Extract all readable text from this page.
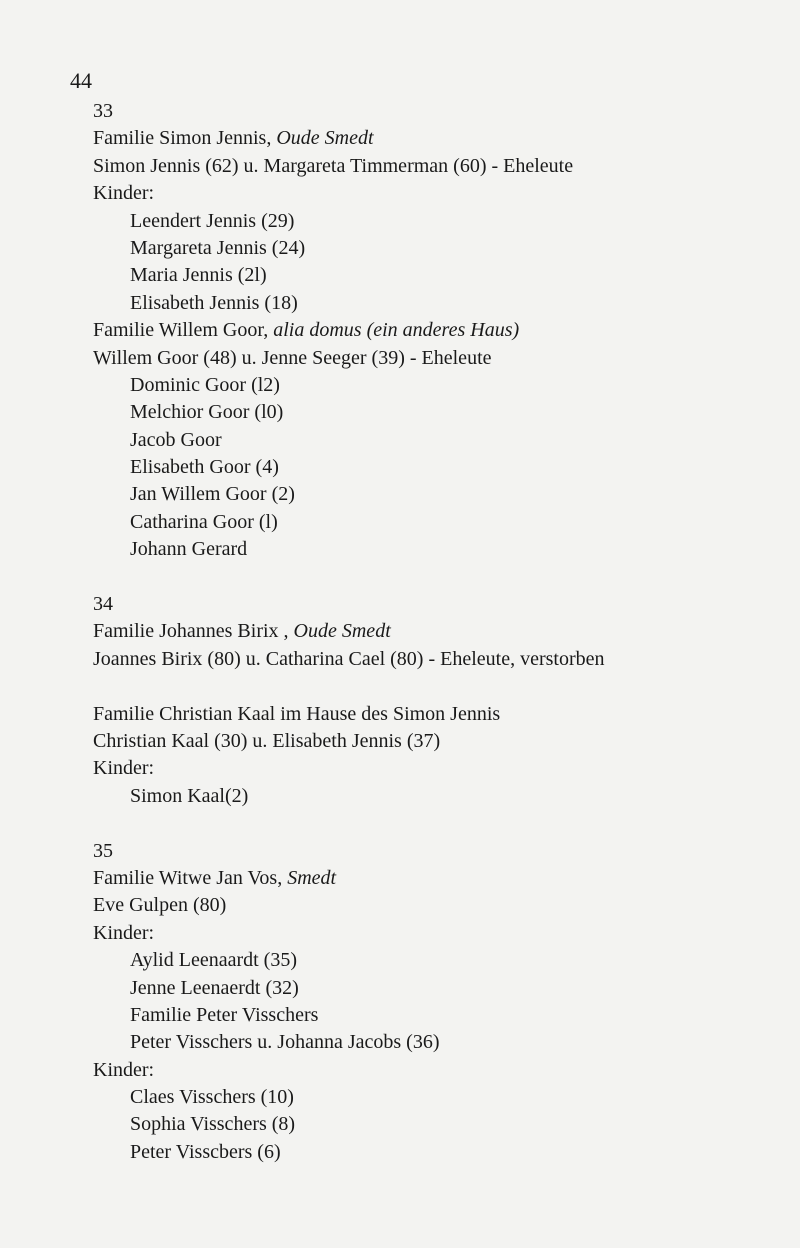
44
33
Familie Simon Jennis, Oude Smedt
Simon Jennis (62) u. Margareta Timmerman (60) - Eheleute
Kinder:
Leendert Jennis (29)
Margareta Jennis (24)
Maria Jennis (2l)
Elisabeth Jennis (18)
Familie Willem Goor, alia domus (ein anderes Haus)
Willem Goor (48) u. Jenne Seeger (39) - Eheleute
Dominic Goor (l2)
Melchior Goor (l0)
Jacob Goor
Elisabeth Goor (4)
Jan Willem Goor (2)
Catharina Goor (l)
Johann Gerard
34
Familie Johannes Birix , Oude Smedt
Joannes Birix (80) u. Catharina Cael (80) - Eheleute, verstorben
Familie Christian Kaal im Hause des Simon Jennis
Christian Kaal (30) u. Elisabeth Jennis (37)
Kinder:
Simon Kaal(2)
35
Familie Witwe Jan Vos, Smedt
Eve Gulpen (80)
Kinder:
Aylid Leenaardt (35)
Jenne Leenaerdt (32)
Familie Peter Visschers
Peter Visschers u. Johanna Jacobs (36)
Kinder:
Claes Visschers (10)
Sophia Visschers (8)
Peter Visscbers (6)
